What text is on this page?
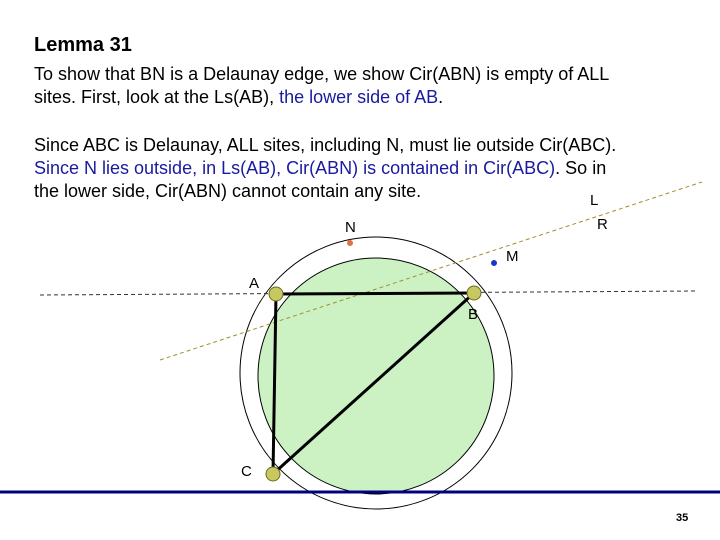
Lemma 31

To show that BN is a Delaunay edge, we show Cir(ABN) is empty of ALL

sites. First, look at the Ls(AB), the lower side of AB.

Since ABC is Delaunay, ALL sites, including N, must lie outside Cir(ABC).

Since N lies outside, in Ls(AB), Cir(ABN) is contained in Cir(ABC). So in

the lower side, Cir(ABN) cannot contain any site.	L
R
N
M
A
B
C
35
